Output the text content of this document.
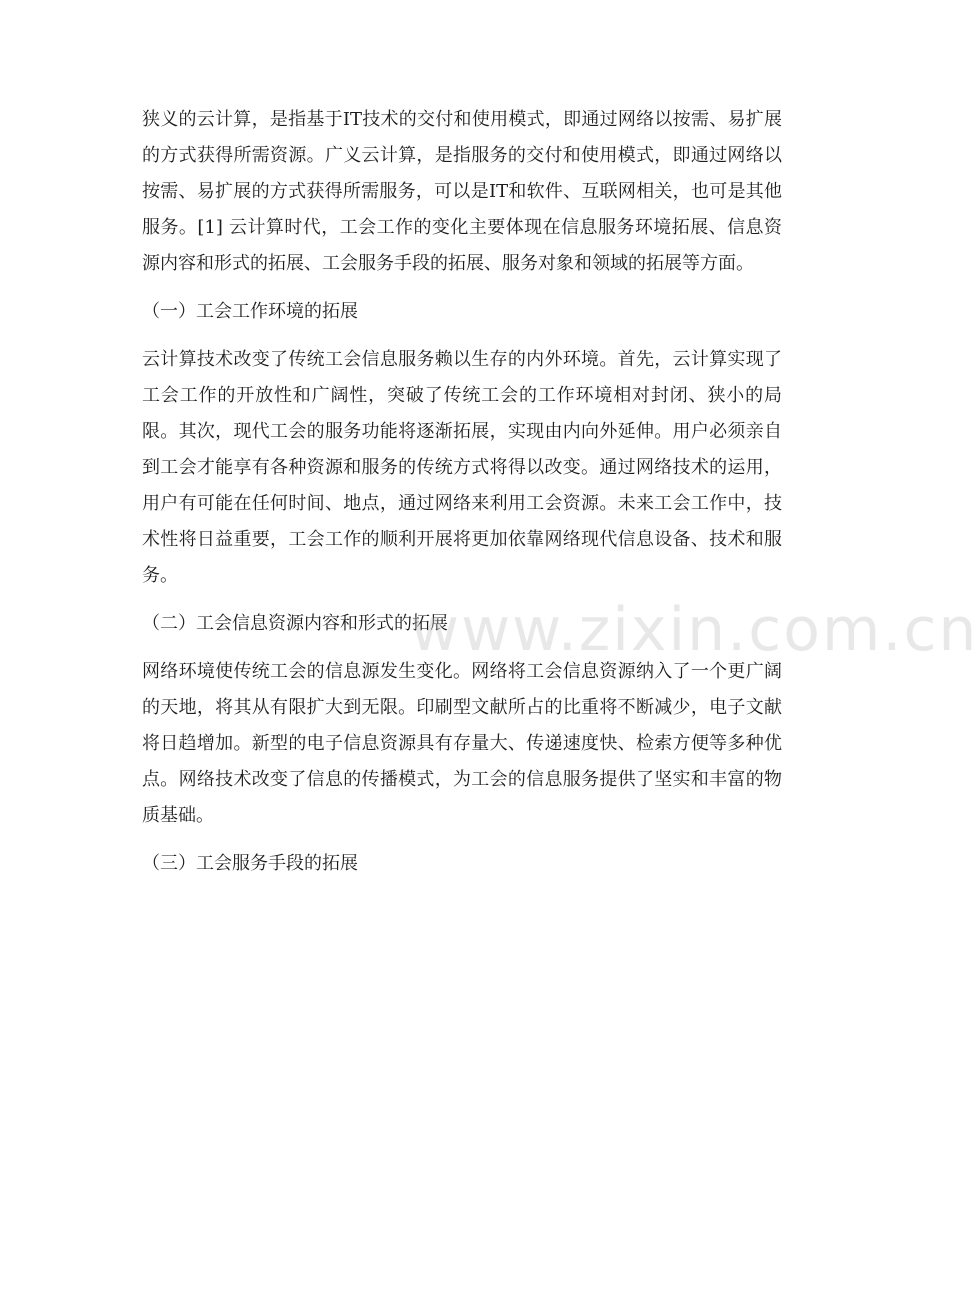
狭义的云计算，是指基于IT技术的交付和使用模式，即通过网络以按需、易扩展的方式获得所需资源。广义云计算，是指服务的交付和使用模式，即通过网络以按需、易扩展的方式获得所需服务，可以是IT和软件、互联网相关，也可是其他服务。[1] 云计算时代，工会工作的变化主要体现在信息服务环境拓展、信息资源内容和形式的拓展、工会服务手段的拓展、服务对象和领域的拓展等方面。

（一）工会工作环境的拓展

云计算技术改变了传统工会信息服务赖以生存的内外环境。首先，云计算实现了工会工作的开放性和广阔性，突破了传统工会的工作环境相对封闭、狭小的局限。其次，现代工会的服务功能将逐渐拓展，实现由内向外延伸。用户必须亲自到工会才能享有各种资源和服务的传统方式将得以改变。通过网络技术的运用，用户有可能在任何时间、地点，通过网络来利用工会资源。未来工会工作中，技术性将日益重要，工会工作的顺利开展将更加依靠网络现代信息设备、技术和服务。

（二）工会信息资源内容和形式的拓展

网络环境使传统工会的信息源发生变化。网络将工会信息资源纳入了一个更广阔的天地，将其从有限扩大到无限。印刷型文献所占的比重将不断减少，电子文献将日趋增加。新型的电子信息资源具有存量大、传递速度快、检索方便等多种优点。网络技术改变了信息的传播模式，为工会的信息服务提供了坚实和丰富的物质基础。

（三）工会服务手段的拓展

www.zixin.com.cn
